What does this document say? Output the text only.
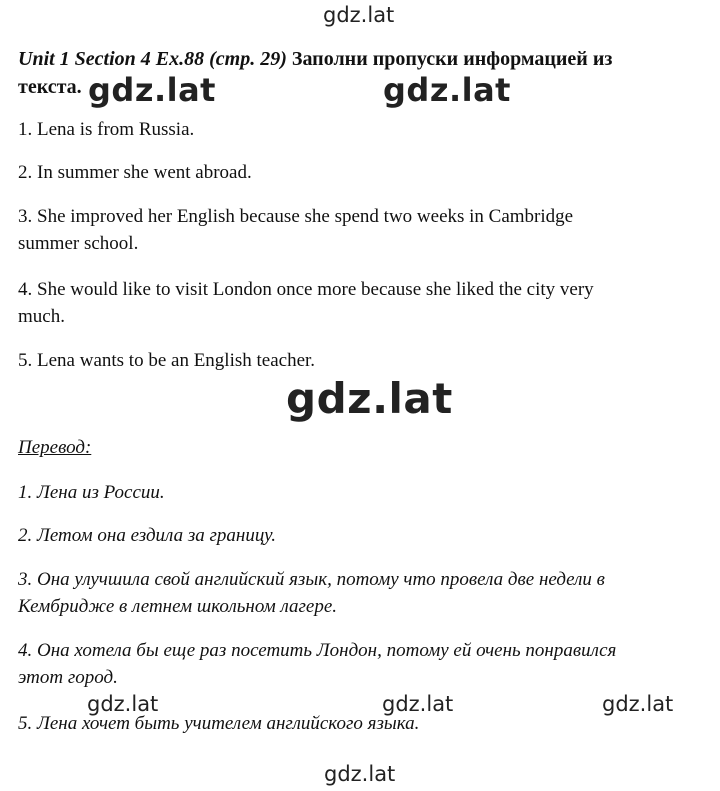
gdz.lat
Unit 1 Section 4 Ex.88 (стр. 29) Заполни пропуски информацией из
текста. gdz.lat	gdz.lat
1. Lena is from Russia.
2. In summer she went abroad.
3. She improved her English because she spend two weeks in Cambridge
summer school.
4. She would like to visit London once more because she liked the city very
much.
5. Lena wants to be an English teacher.
gdz.lat
Перевод:
1. Лена из России.
2. Летом она ездила за границу.
3. Она улучшила свой английский язык, потому что провела две недели в
Кембридже в летнем школьном лагере.
4. Она хотела бы еще раз посетить Лондон, потому ей очень понравился
этот город.
5. Лена хочет быть учителем английского языка.
gdz.lat	gdz.lat	gdz.lat
gdz.lat
